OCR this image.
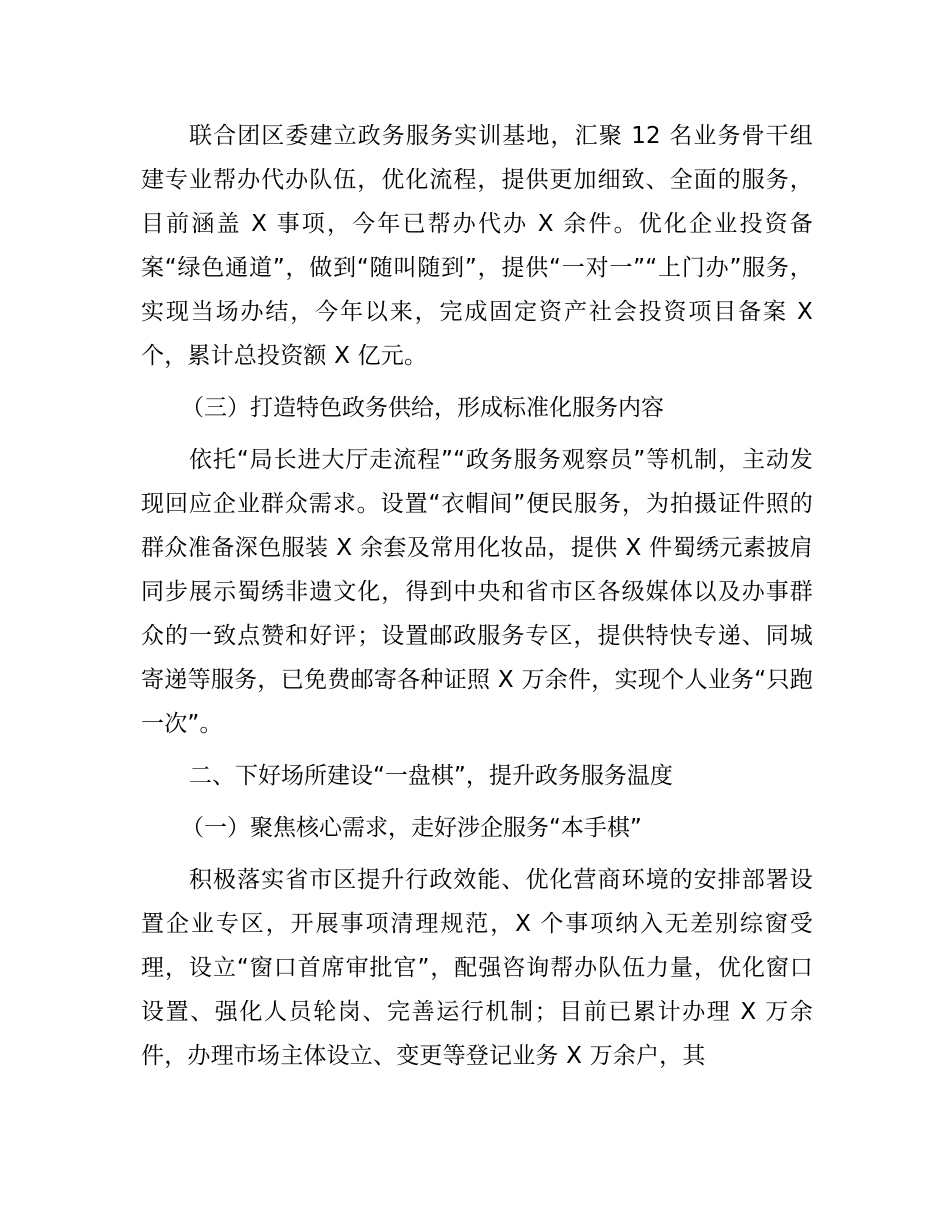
联合团区委建立政务服务实训基地，汇聚 12 名业务骨干组建专业帮办代办队伍，优化流程，提供更加细致、全面的服务，目前涵盖 X 事项，今年已帮办代办 X 余件。优化企业投资备案“绿色通道”，做到“随叫随到”，提供“一对一”“上门办”服务，实现当场办结，今年以来，完成固定资产社会投资项目备案 X 个，累计总投资额 X 亿元。

（三）打造特色政务供给，形成标准化服务内容

依托“局长进大厅走流程”“政务服务观察员”等机制，主动发现回应企业群众需求。设置“衣帽间”便民服务，为拍摄证件照的群众准备深色服装 X 余套及常用化妆品，提供 X 件蜀绣元素披肩同步展示蜀绣非遗文化，得到中央和省市区各级媒体以及办事群众的一致点赞和好评；设置邮政服务专区，提供特快专递、同城寄递等服务，已免费邮寄各种证照 X 万余件，实现个人业务“只跑一次”。

二、下好场所建设“一盘棋”，提升政务服务温度

（一）聚焦核心需求，走好涉企服务“本手棋”

积极落实省市区提升行政效能、优化营商环境的安排部署设置企业专区，开展事项清理规范，X 个事项纳入无差别综窗受理，设立“窗口首席审批官”，配强咨询帮办队伍力量，优化窗口设置、强化人员轮岗、完善运行机制；目前已累计办理 X 万余件，办理市场主体设立、变更等登记业务 X 万余户，其
